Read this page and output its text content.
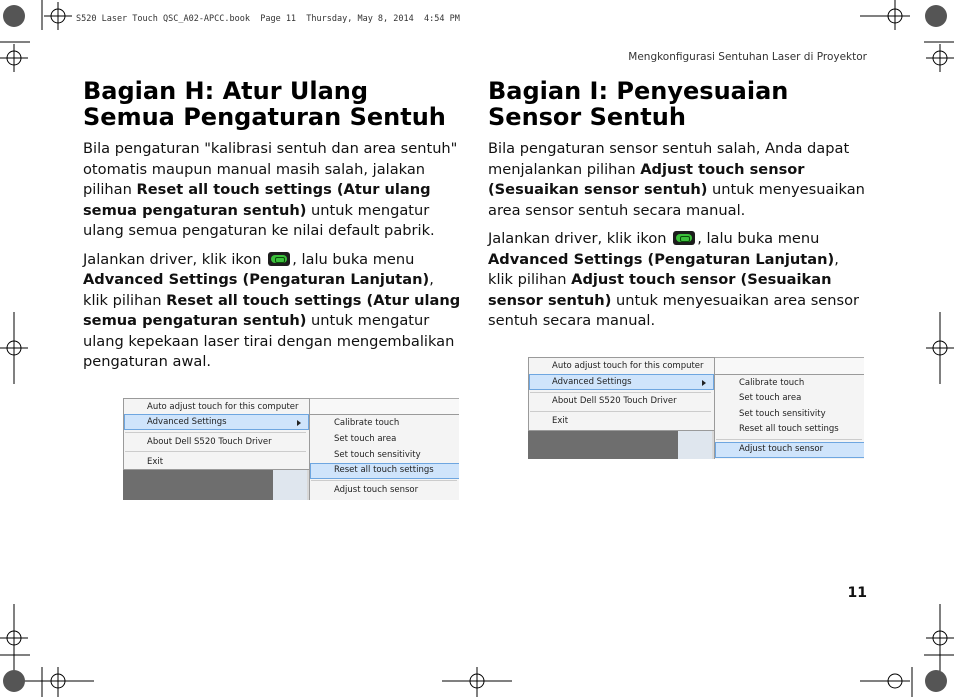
S520 Laser Touch QSC_A02-APCC.book  Page 11  Thursday, May 8, 2014  4:54 PM
Mengkonfigurasi Sentuhan Laser di Proyektor
Bagian H: Atur Ulang Semua Pengaturan Sentuh

Bila pengaturan "kalibrasi sentuh dan area sentuh" otomatis maupun manual masih salah, jalakan pilihan Reset all touch settings (Atur ulang semua pengaturan sentuh) untuk mengatur ulang semua pengaturan ke nilai default pabrik.

Jalankan driver, klik ikon , lalu buka menu Advanced Settings (Pengaturan Lanjutan), klik pilihan Reset all touch settings (Atur ulang semua pengaturan sentuh) untuk mengatur ulang kepekaan laser tirai dengan mengembalikan pengaturan awal.

Auto adjust touch for this computer
Advanced Settings
About Dell S520 Touch Driver
Exit
Calibrate touch
Set touch area
Set touch sensitivity
Reset all touch settings
Adjust touch sensor
Bagian I: Penyesuaian Sensor Sentuh

Bila pengaturan sensor sentuh salah, Anda dapat menjalankan pilihan Adjust touch sensor (Sesuaikan sensor sentuh) untuk menyesuaikan area sensor sentuh secara manual.

Jalankan driver, klik ikon , lalu buka menu Advanced Settings (Pengaturan Lanjutan), klik pilihan Adjust touch sensor (Sesuaikan sensor sentuh) untuk menyesuaikan area sensor sentuh secara manual.

Auto adjust touch for this computer
Advanced Settings
About Dell S520 Touch Driver
Exit
Calibrate touch
Set touch area
Set touch sensitivity
Reset all touch settings
Adjust touch sensor
11
